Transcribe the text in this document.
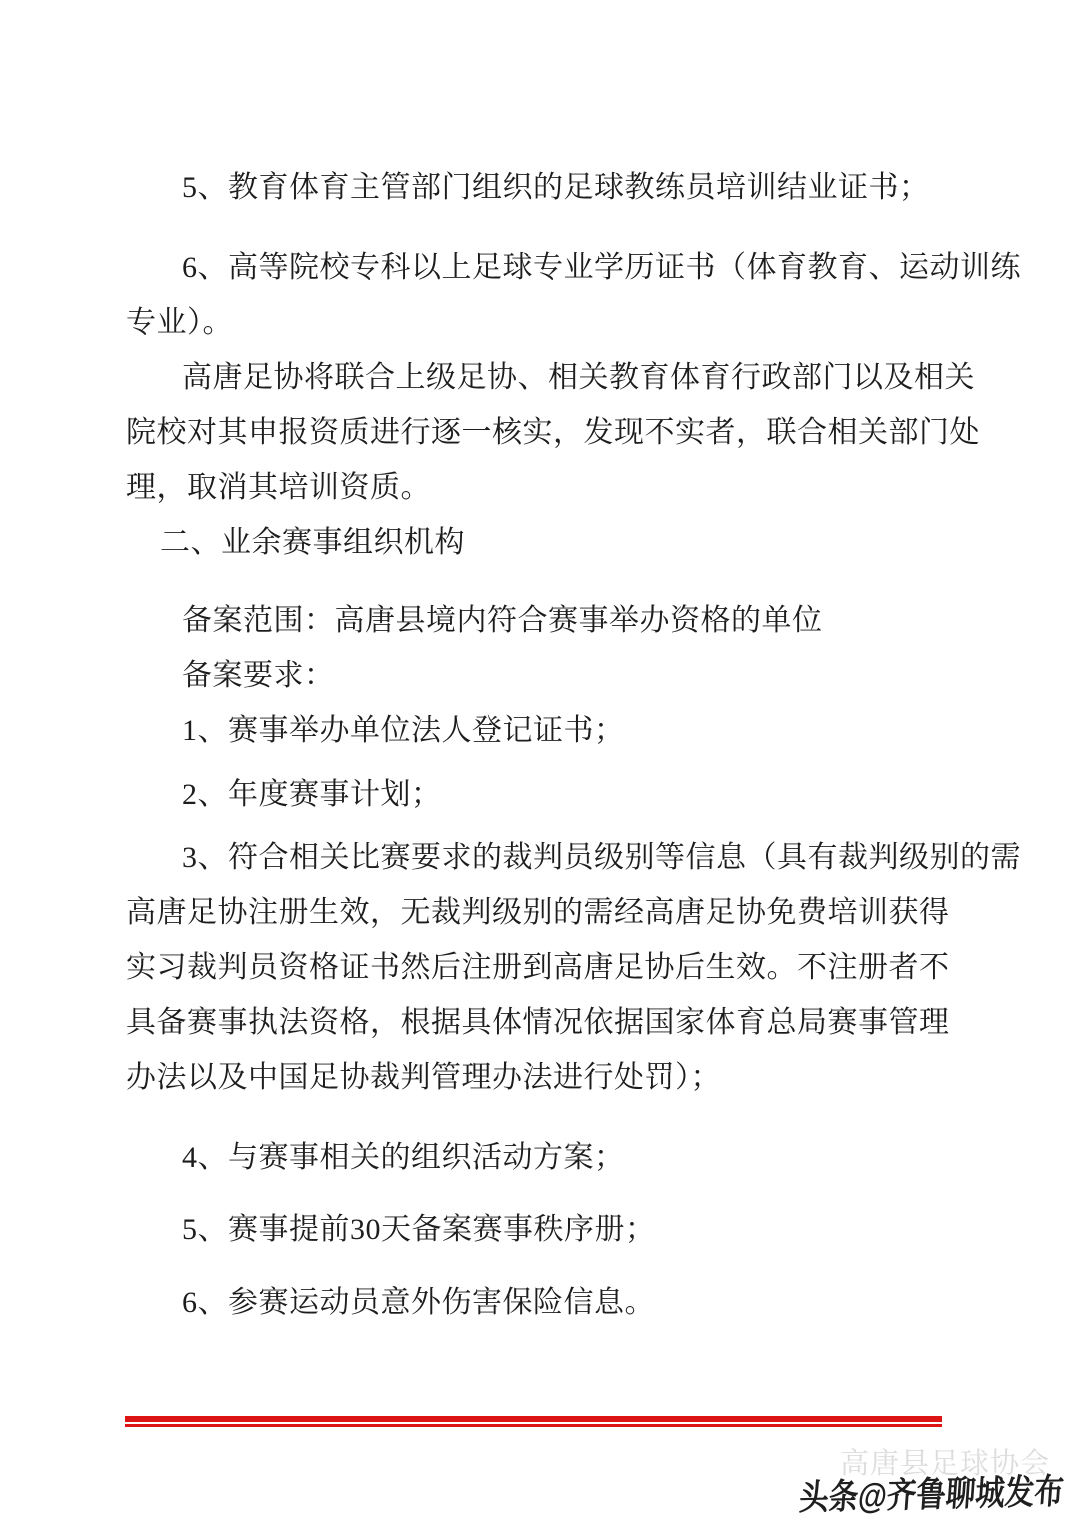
5、教育体育主管部门组织的足球教练员培训结业证书；
6、高等院校专科以上足球专业学历证书（体育教育、运动训练
专业）。
高唐足协将联合上级足协、相关教育体育行政部门以及相关
院校对其申报资质进行逐一核实，发现不实者，联合相关部门处
理，取消其培训资质。
二、业余赛事组织机构
备案范围：高唐县境内符合赛事举办资格的单位
备案要求：
1、赛事举办单位法人登记证书；
2、年度赛事计划；
3、符合相关比赛要求的裁判员级别等信息（具有裁判级别的需
高唐足协注册生效，无裁判级别的需经高唐足协免费培训获得
实习裁判员资格证书然后注册到高唐足协后生效。不注册者不
具备赛事执法资格，根据具体情况依据国家体育总局赛事管理
办法以及中国足协裁判管理办法进行处罚）；
4、与赛事相关的组织活动方案；
5、赛事提前30天备案赛事秩序册；
6、参赛运动员意外伤害保险信息。
高唐县足球协会
头条@齐鲁聊城发布
